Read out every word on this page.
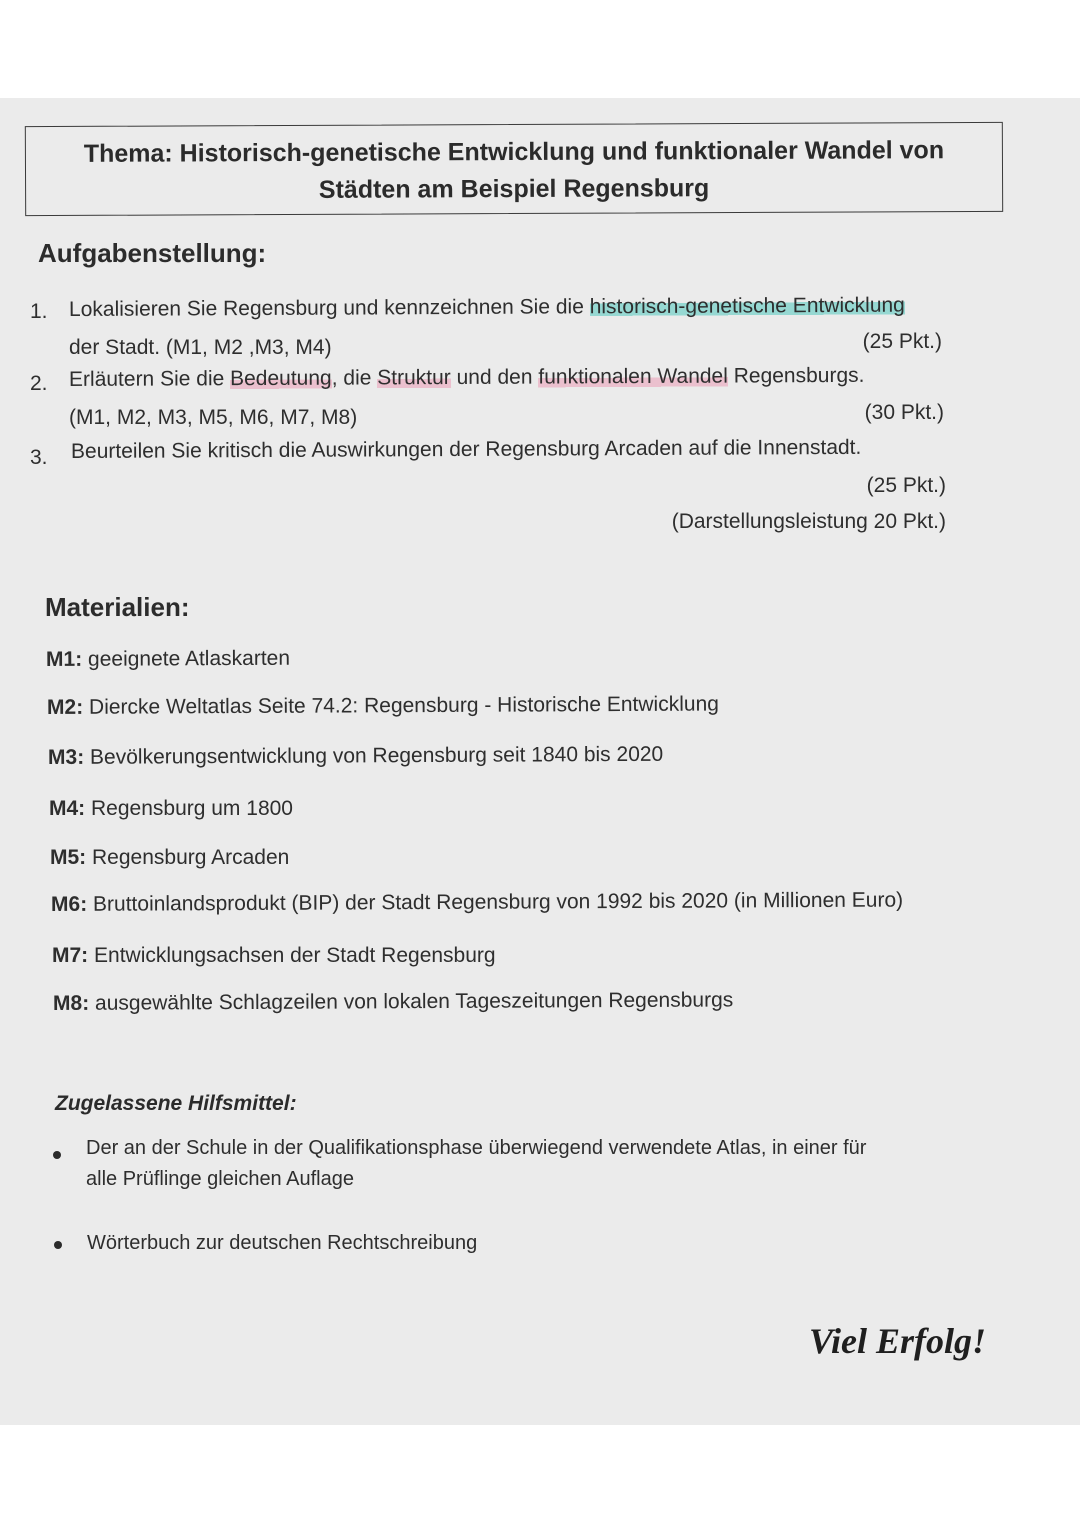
Thema: Historisch-genetische Entwicklung und funktionaler Wandel von
Städten am Beispiel Regensburg
Aufgabenstellung:
1. Lokalisieren Sie Regensburg und kennzeichnen Sie die historisch-genetische Entwicklung
der Stadt. (M1, M2 ,M3, M4)	(25 Pkt.)
2. Erläutern Sie die Bedeutung, die Struktur und den funktionalen Wandel Regensburgs.
(M1, M2, M3, M5, M6, M7, M8)	(30 Pkt.)
3. Beurteilen Sie kritisch die Auswirkungen der Regensburg Arcaden auf die Innenstadt.
(25 Pkt.)
(Darstellungsleistung 20 Pkt.)
Materialien:
M1: geeignete Atlaskarten
M2: Diercke Weltatlas Seite 74.2: Regensburg - Historische Entwicklung
M3: Bevölkerungsentwicklung von Regensburg seit 1840 bis 2020
M4: Regensburg um 1800
M5: Regensburg Arcaden
M6: Bruttoinlandsprodukt (BIP) der Stadt Regensburg von 1992 bis 2020 (in Millionen Euro)
M7: Entwicklungsachsen der Stadt Regensburg
M8: ausgewählte Schlagzeilen von lokalen Tageszeitungen Regensburgs
Zugelassene Hilfsmittel:
Der an der Schule in der Qualifikationsphase überwiegend verwendete Atlas, in einer für
alle Prüflinge gleichen Auflage
Wörterbuch zur deutschen Rechtschreibung
Viel Erfolg!
